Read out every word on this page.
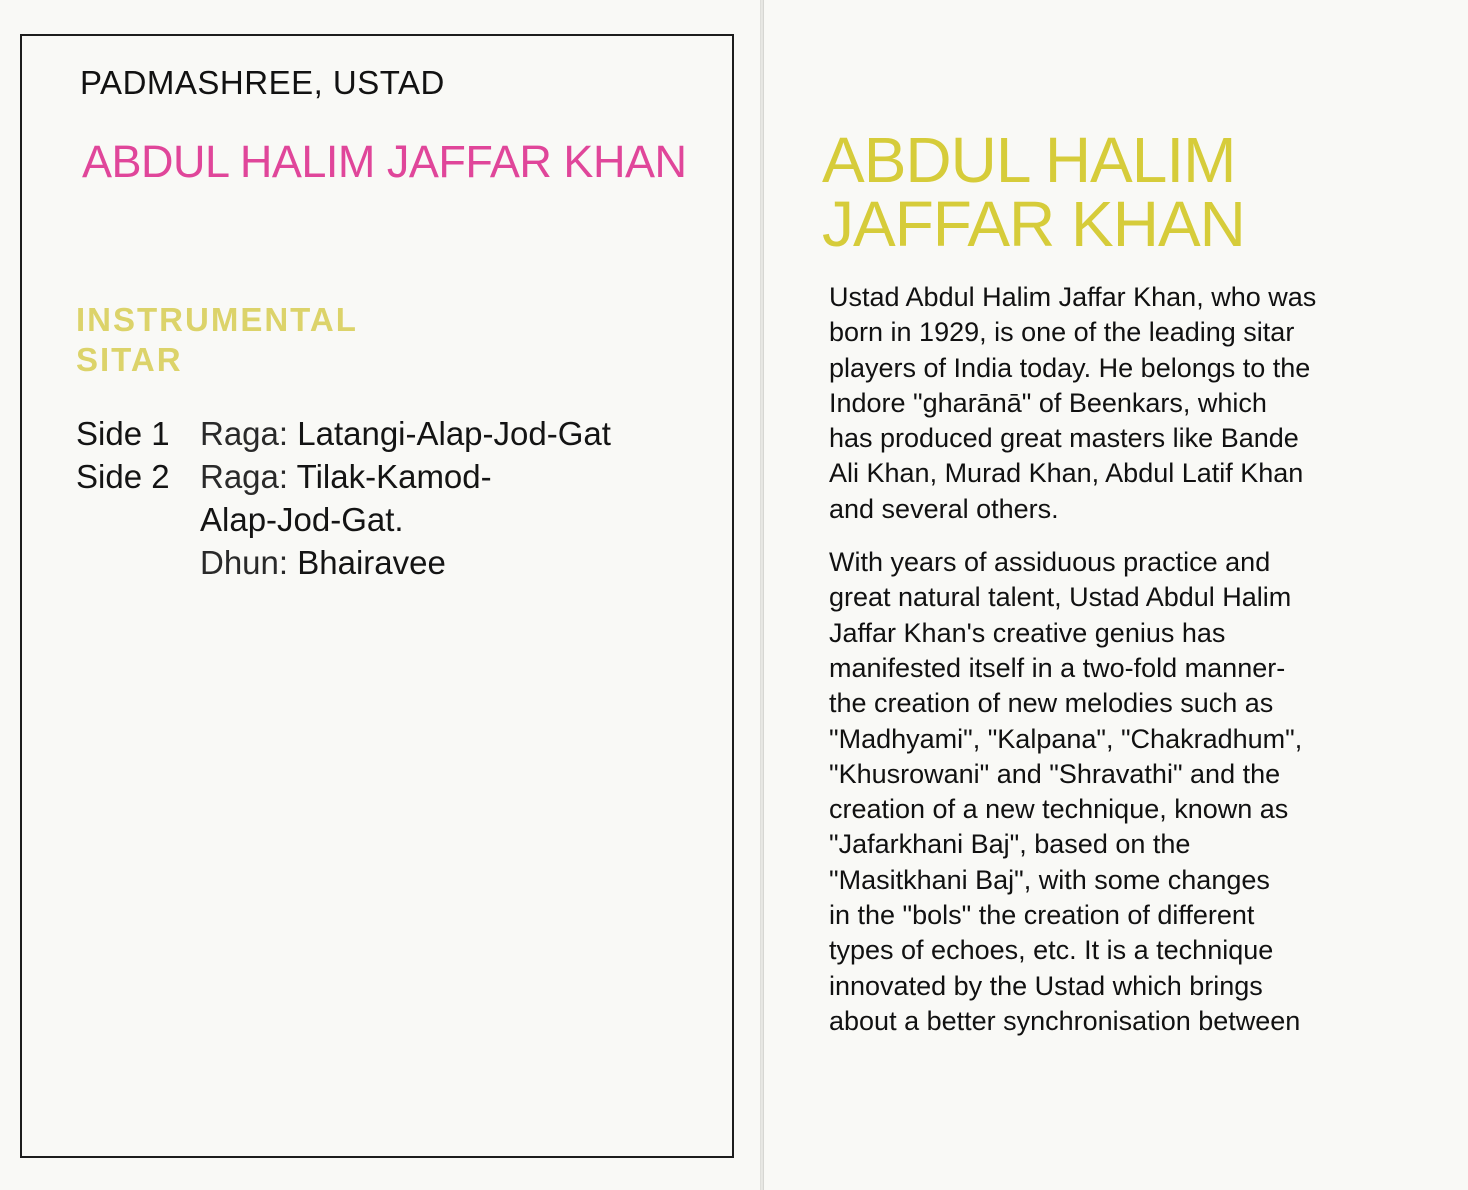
PADMASHREE, USTAD
ABDUL HALIM JAFFAR KHAN
INSTRUMENTAL
SITAR
Side 1 Raga: Latangi-Alap-Jod-Gat
Side 2 Raga: Tilak-Kamod-
Alap-Jod-Gat.
Dhun: Bhairavee
ABDUL HALIM
JAFFAR KHAN

Ustad Abdul Halim Jaffar Khan, who was
born in 1929, is one of the leading sitar
players of India today. He belongs to the
Indore "gharānā" of Beenkars, which
has produced great masters like Bande
Ali Khan, Murad Khan, Abdul Latif Khan
and several others.

With years of assiduous practice and
great natural talent, Ustad Abdul Halim
Jaffar Khan's creative genius has
manifested itself in a two-fold manner-
the creation of new melodies such as
"Madhyami", "Kalpana", "Chakradhum",
"Khusrowani" and "Shravathi" and the
creation of a new technique, known as
"Jafarkhani Baj", based on the
"Masitkhani Baj", with some changes
in the "bols" the creation of different
types of echoes, etc. It is a technique
innovated by the Ustad which brings
about a better synchronisation between
